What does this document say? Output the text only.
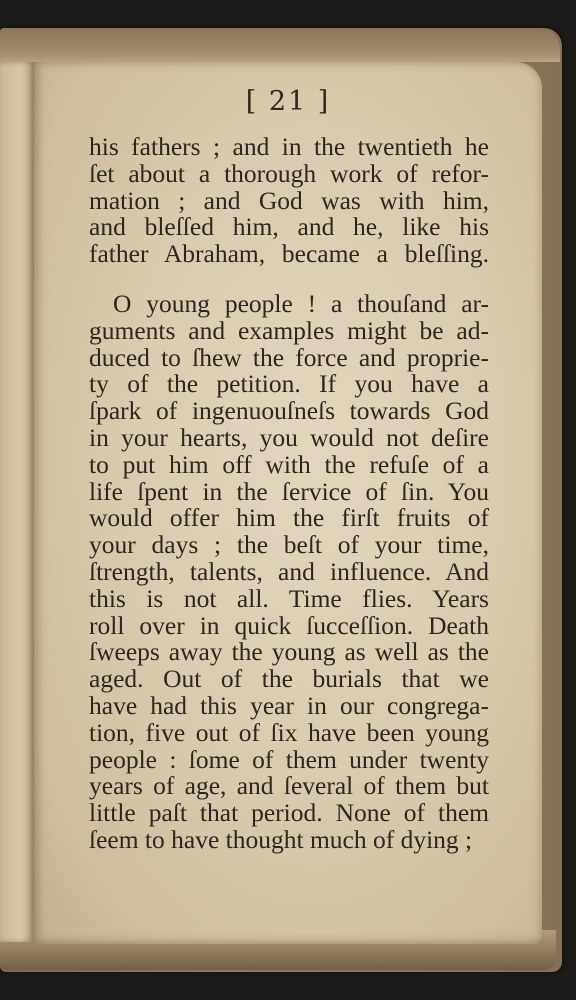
[ 21 ]
his fathers ; and in the twentieth he
ſet about a thorough work of refor-
mation ; and God was with him,
and bleſſed him, and he, like his
father Abraham, became a bleſſing.
O young people ! a thouſand ar-
guments and examples might be ad-
duced to ſhew the force and proprie-
ty of the petition. If you have a
ſpark of ingenuouſneſs towards God
in your hearts, you would not deſire
to put him off with the refuſe of a
life ſpent in the ſervice of ſin. You
would offer him the firſt fruits of
your days ; the beſt of your time,
ſtrength, talents, and influence. And
this is not all. Time flies. Years
roll over in quick ſucceſſion. Death
ſweeps away the young as well as the
aged. Out of the burials that we
have had this year in our congrega-
tion, five out of ſix have been young
people : ſome of them under twenty
years of age, and ſeveral of them but
little paſt that period. None of them
ſeem to have thought much of dying ;
